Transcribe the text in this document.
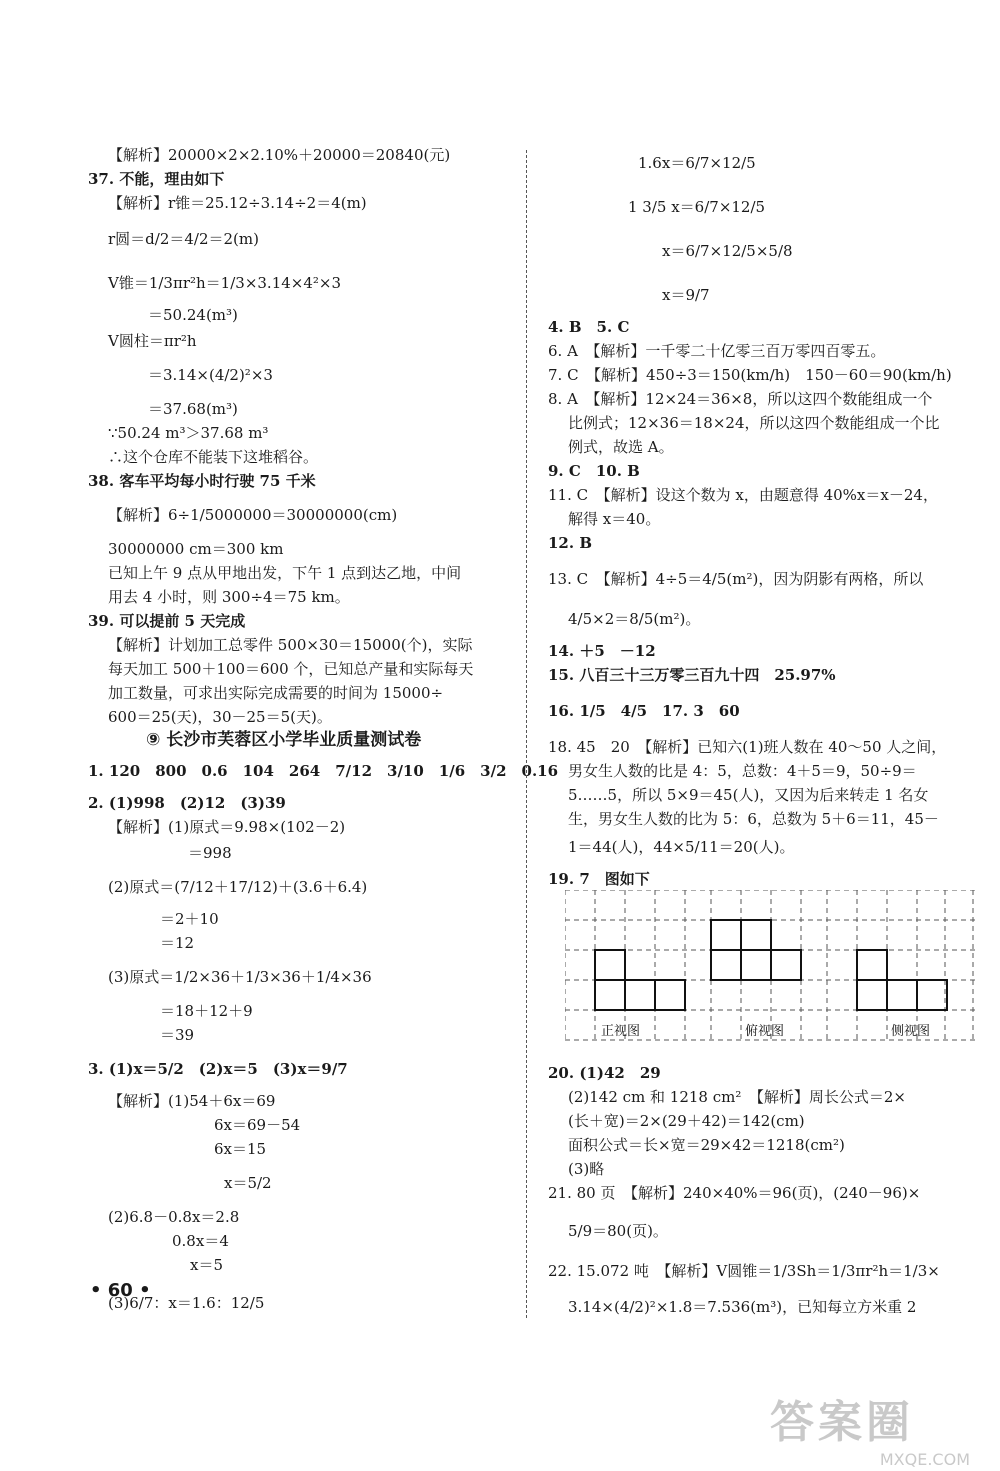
【解析】20000×2×2.10%＋20000＝20840(元)
37. 不能，理由如下
【解析】r锥＝25.12÷3.14÷2＝4(m)
r圆＝d/2＝4/2＝2(m)
V锥＝1/3πr²h＝1/3×3.14×4²×3
＝50.24(m³)
V圆柱＝πr²h
＝3.14×(4/2)²×3
＝37.68(m³)
∵50.24 m³＞37.68 m³
∴这个仓库不能装下这堆稻谷。
38. 客车平均每小时行驶 75 千米
【解析】6÷1/5000000＝30000000(cm)
30000000 cm＝300 km
已知上午 9 点从甲地出发，下午 1 点到达乙地，中间
用去 4 小时，则 300÷4＝75 km。
39. 可以提前 5 天完成
【解析】计划加工总零件 500×30＝15000(个)，实际
每天加工 500＋100＝600 个，已知总产量和实际每天
加工数量，可求出实际完成需要的时间为 15000÷
600＝25(天)，30－25＝5(天)。
⑨ 长沙市芙蓉区小学毕业质量测试卷
1. 120　800　0.6　104　264　7/12　3/10　1/6　3/2　0.16
2. (1)998　(2)12　(3)39
【解析】(1)原式＝9.98×(102－2)
＝998
(2)原式＝(7/12＋17/12)＋(3.6＋6.4)
＝2＋10
＝12
(3)原式＝1/2×36＋1/3×36＋1/4×36
＝18＋12＋9
＝39
3. (1)x＝5/2　(2)x＝5　(3)x＝9/7
【解析】(1)54＋6x＝69
6x＝69－54
6x＝15
x＝5/2
(2)6.8－0.8x＝2.8
0.8x＝4
x＝5
(3)6/7：x＝1.6：12/5
1.6x＝6/7×12/5
1 3/5 x＝6/7×12/5
x＝6/7×12/5×5/8
x＝9/7
4. B　5. C
6. A　【解析】一千零二十亿零三百万零四百零五。
7. C　【解析】450÷3＝150(km/h)　150－60＝90(km/h)
8. A　【解析】12×24＝36×8，所以这四个数能组成一个
比例式；12×36＝18×24，所以这四个数能组成一个比
例式，故选 A。
9. C　10. B
11. C　【解析】设这个数为 x，由题意得 40%x＝x－24，
解得 x＝40。
12. B
13. C　【解析】4÷5＝4/5(m²)，因为阴影有两格，所以
4/5×2＝8/5(m²)。
14. ＋5　－12
15. 八百三十三万零三百九十四　25.97%
16. 1/5　4/5　17. 3　60
18. 45　20　【解析】已知六(1)班人数在 40～50 人之间，
男女生人数的比是 4：5，总数：4＋5＝9，50÷9＝
5……5，所以 5×9＝45(人)，又因为后来转走 1 名女
生，男女生人数的比为 5：6，总数为 5＋6＝11，45－
1＝44(人)，44×5/11＝20(人)。
19. 7　图如下
20. (1)42　29
(2)142 cm 和 1218 cm²　【解析】周长公式＝2×
(长＋宽)＝2×(29＋42)＝142(cm)
面积公式＝长×宽＝29×42＝1218(cm²)
(3)略
21. 80 页　【解析】240×40%＝96(页)，(240－96)×
5/9＝80(页)。
22. 15.072 吨　【解析】V圆锥＝1/3Sh＝1/3πr²h＝1/3×
3.14×(4/2)²×1.8＝7.536(m³)，已知每立方米重 2
正视图	俯视图	侧视图
• 60 •
答案圈
MXQE.COM
